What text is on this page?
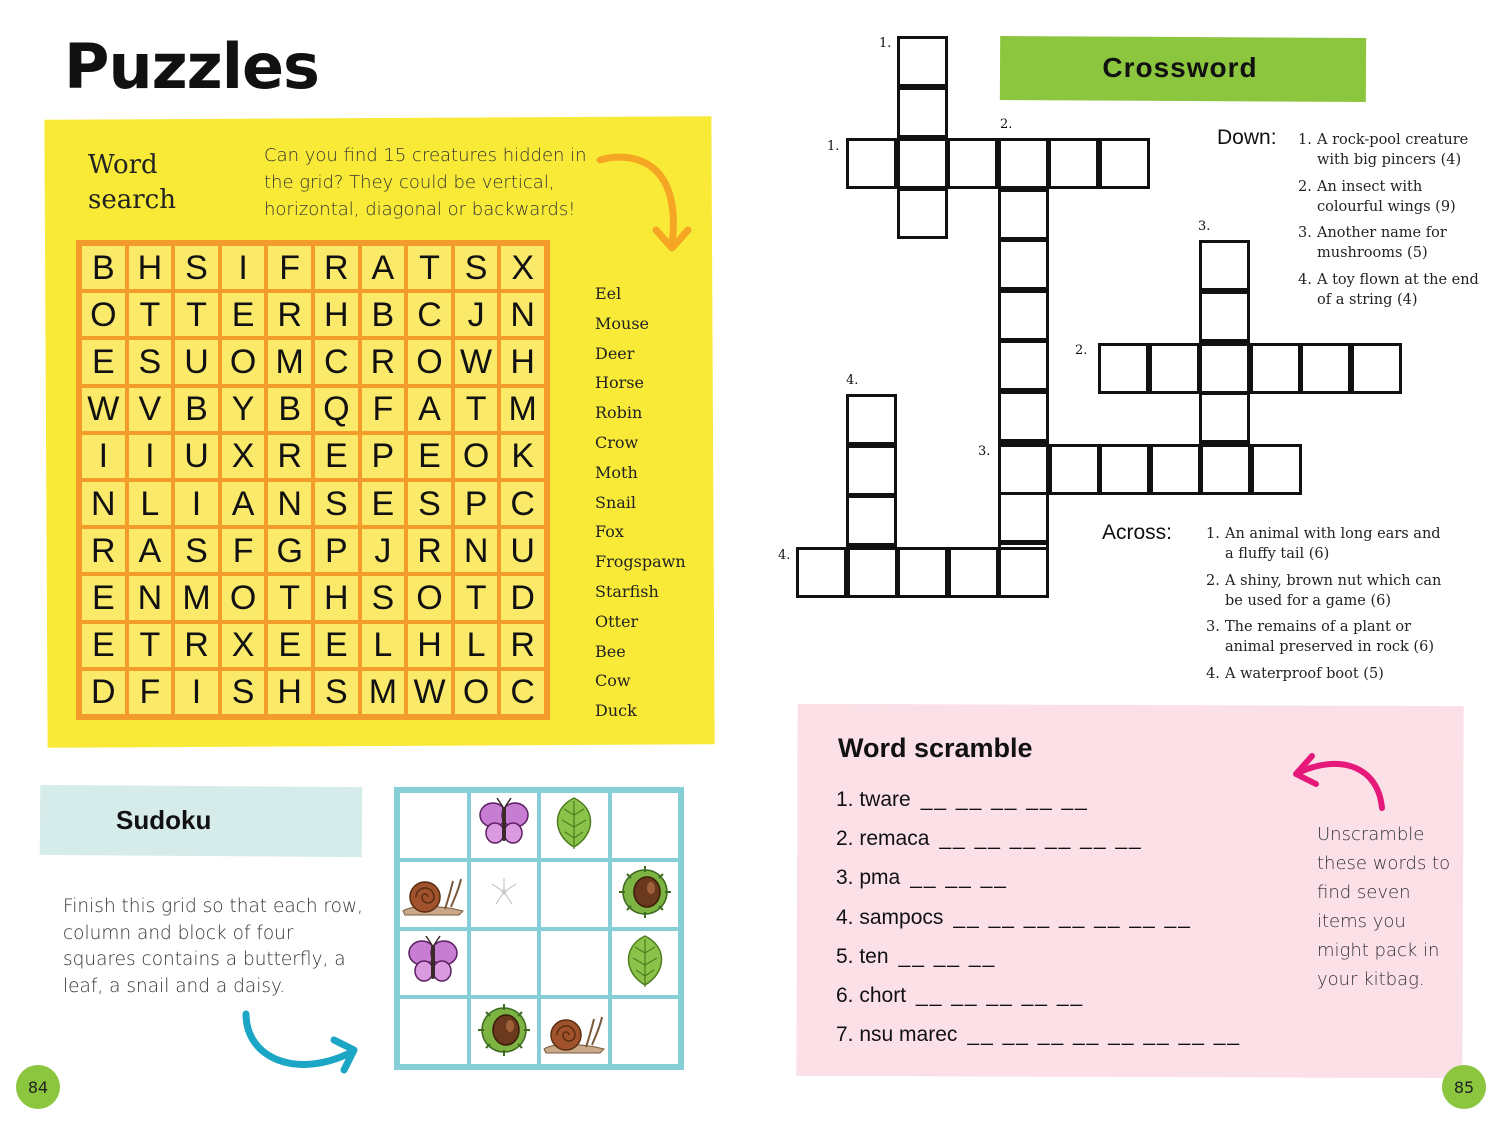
Puzzles
Word
search

Can you find 15 creatures hidden in the grid? They could be vertical, horizontal, diagonal or backwards!

B H S I F R A T S X
O T T E R H B C J N
E S U O M C R O W H
W V B Y B Q F A T M
I	I U X R E P E O K
N L I A N S E S P C
R A S F G P J R N U
E N M O T H S O T D
E T R X E E L H L R
D F I S H S M W O C
Eel
Mouse
Deer
Horse
Robin
Crow
Moth
Snail
Fox
Frogspawn
Starfish
Otter
Bee
Cow
Duck
Sudoku

Finish this grid so that each row, column and block of four squares contains a butterfly, a leaf, a snail and a daisy.

Crossword
1.
1.
2.
3.
2.
4.
3.
4.
Down: 1. A rock-pool creature with big pincers (4)
2. An insect with colourful wings (9)
3. Another name for mushrooms (5)
4. A toy flown at the end of a string (4)
Across: 1. An animal with long ears and a fluffy tail (6)
2. A shiny, brown nut which can be used for a game (6)
3. The remains of a plant or animal preserved in rock (6)
4. A waterproof boot (5)
Word scramble
1. tware __ __ __ __ __
2. remaca __ __ __ __ __ __
3. pma __ __ __
4. sampocs __ __ __ __ __ __ __
5. ten __ __ __
6. chort __ __ __ __ __
7. nsu marec __ __ __ __ __ __ __ __

Unscramble these words to find seven items you might pack in your kitbag.

84	85
